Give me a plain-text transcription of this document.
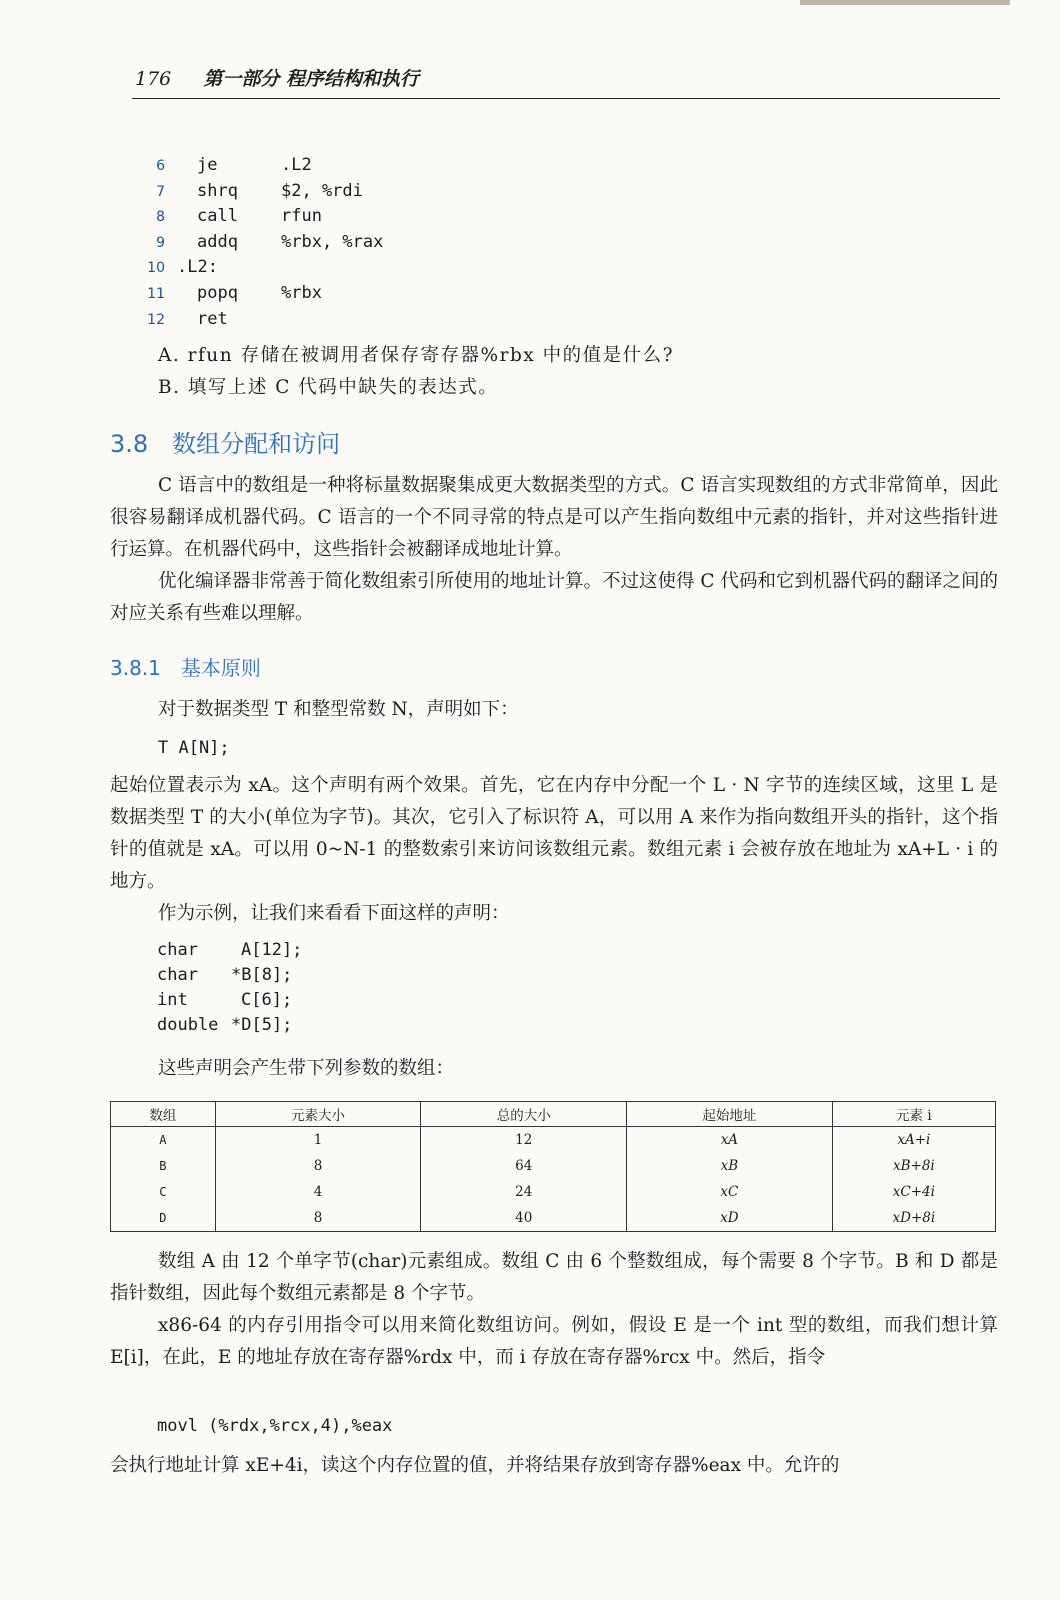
176 第一部分 程序结构和执行
6 je	.L2
7 shrq	$2, %rdi
8 call	rfun
9 addq	%rbx, %rax
10 .L2:
11 popq	%rbx
12 ret
A. rfun 存储在被调用者保存寄存器%rbx 中的值是什么?
B. 填写上述 C 代码中缺失的表达式。
3.8 数组分配和访问
C 语言中的数组是一种将标量数据聚集成更大数据类型的方式。C 语言实现数组的方式非常简单，因此很容易翻译成机器代码。C 语言的一个不同寻常的特点是可以产生指向数组中元素的指针，并对这些指针进行运算。在机器代码中，这些指针会被翻译成地址计算。
优化编译器非常善于简化数组索引所使用的地址计算。不过这使得 C 代码和它到机器代码的翻译之间的对应关系有些难以理解。
3.8.1 基本原则
对于数据类型 T 和整型常数 N，声明如下：
T A[N];
起始位置表示为 xA。这个声明有两个效果。首先，它在内存中分配一个 L · N 字节的连续区域，这里 L 是数据类型 T 的大小(单位为字节)。其次，它引入了标识符 A，可以用 A 来作为指向数组开头的指针，这个指针的值就是 xA。可以用 0~N-1 的整数索引来访问该数组元素。数组元素 i 会被存放在地址为 xA+L · i 的地方。
作为示例，让我们来看看下面这样的声明：
char	A[12];
char *B[8];
int	C[6];
double *D[5];
这些声明会产生带下列参数的数组：
数组	元素大小	总的大小	起始地址	元素 i
A	1	12	xA	xA+i
B	8	64	xB	xB+8i
C	4	24	xC	xC+4i
D	8	40	xD	xD+8i
数组 A 由 12 个单字节(char)元素组成。数组 C 由 6 个整数组成，每个需要 8 个字节。B 和 D 都是指针数组，因此每个数组元素都是 8 个字节。
x86-64 的内存引用指令可以用来简化数组访问。例如，假设 E 是一个 int 型的数组，而我们想计算 E[i]，在此，E 的地址存放在寄存器%rdx 中，而 i 存放在寄存器%rcx 中。然后，指令
movl (%rdx,%rcx,4),%eax
会执行地址计算 xE+4i，读这个内存位置的值，并将结果存放到寄存器%eax 中。允许的
